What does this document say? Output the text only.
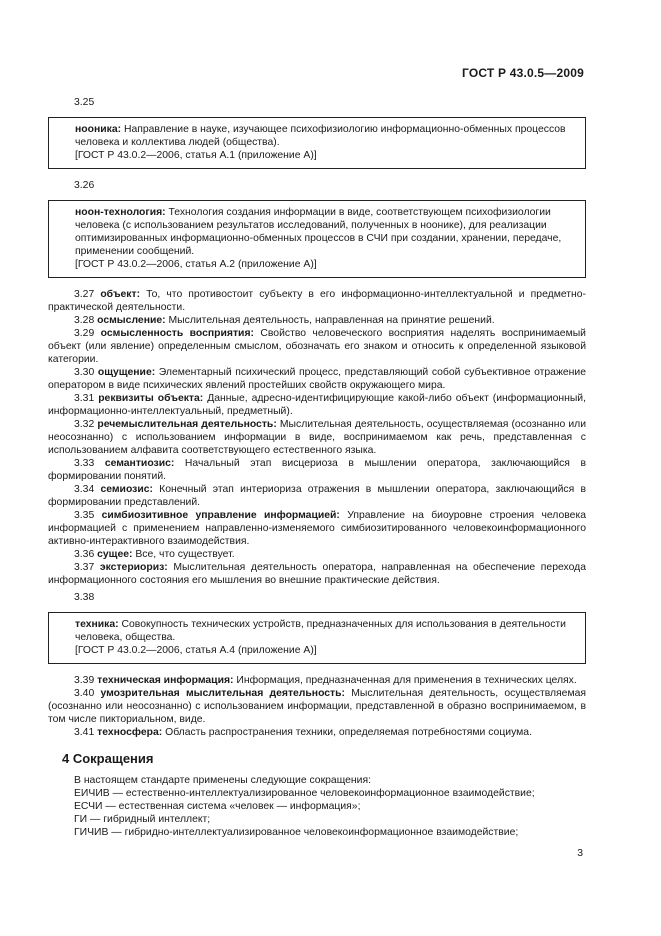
ГОСТ Р 43.0.5—2009
3.25

нооника: Направление в науке, изучающее психофизиологию информационно-обменных процессов человека и коллектива людей (общества).

[ГОСТ Р 43.0.2—2006, статья А.1 (приложение А)]

3.26

ноон-технология: Технология создания информации в виде, соответствующем психофизиологии человека (с использованием результатов исследований, полученных в ноонике), для реализации оптимизированных информационно-обменных процессов в СЧИ при создании, хранении, передаче, применении сообщений.

[ГОСТ Р 43.0.2—2006, статья А.2 (приложение А)]

3.27 объект: То, что противостоит субъекту в его информационно-интеллектуальной и предметно-практической деятельности.

3.28 осмысление: Мыслительная деятельность, направленная на принятие решений.

3.29 осмысленность восприятия: Свойство человеческого восприятия наделять воспринимаемый объект (или явление) определенным смыслом, обозначать его знаком и относить к определенной языковой категории.

3.30 ощущение: Элементарный психический процесс, представляющий собой субъективное отражение оператором в виде психических явлений простейших свойств окружающего мира.

3.31 реквизиты объекта: Данные, адресно-идентифицирующие какой-либо объект (информационный, информационно-интеллектуальный, предметный).

3.32 речемыслительная деятельность: Мыслительная деятельность, осуществляемая (осознанно или неосознанно) с использованием информации в виде, воспринимаемом как речь, представленная с использованием алфавита соответствующего естественного языка.

3.33 семантиозис: Начальный этап висцериоза в мышлении оператора, заключающийся в формировании понятий.

3.34 семиозис: Конечный этап интериориза отражения в мышлении оператора, заключающийся в формировании представлений.

3.35 симбиозитивное управление информацией: Управление на биоуровне строения человека информацией с применением направленно-изменяемого симбиозитированного человекоинформационного активно-интерактивного взаимодействия.

3.36 сущее: Все, что существует.

3.37 экстериориз: Мыслительная деятельность оператора, направленная на обеспечение перехода информационного состояния его мышления во внешние практические действия.

3.38

техника: Совокупность технических устройств, предназначенных для использования в деятельности человека, общества.

[ГОСТ Р 43.0.2—2006, статья А.4 (приложение А)]

3.39 техническая информация: Информация, предназначенная для применения в технических целях.

3.40 умозрительная мыслительная деятельность: Мыслительная деятельность, осуществляемая (осознанно или неосознанно) с использованием информации, представленной в образно воспринимаемом, в том числе пикториальном, виде.

3.41 техносфера: Область распространения техники, определяемая потребностями социума.

4 Сокращения

В настоящем стандарте применены следующие сокращения:

ЕИЧИВ — естественно-интеллектуализированное человекоинформационное взаимодействие;

ЕСЧИ — естественная система «человек — информация»;

ГИ — гибридный интеллект;

ГИЧИВ — гибридно-интеллектуализированное человекоинформационное взаимодействие;

3
